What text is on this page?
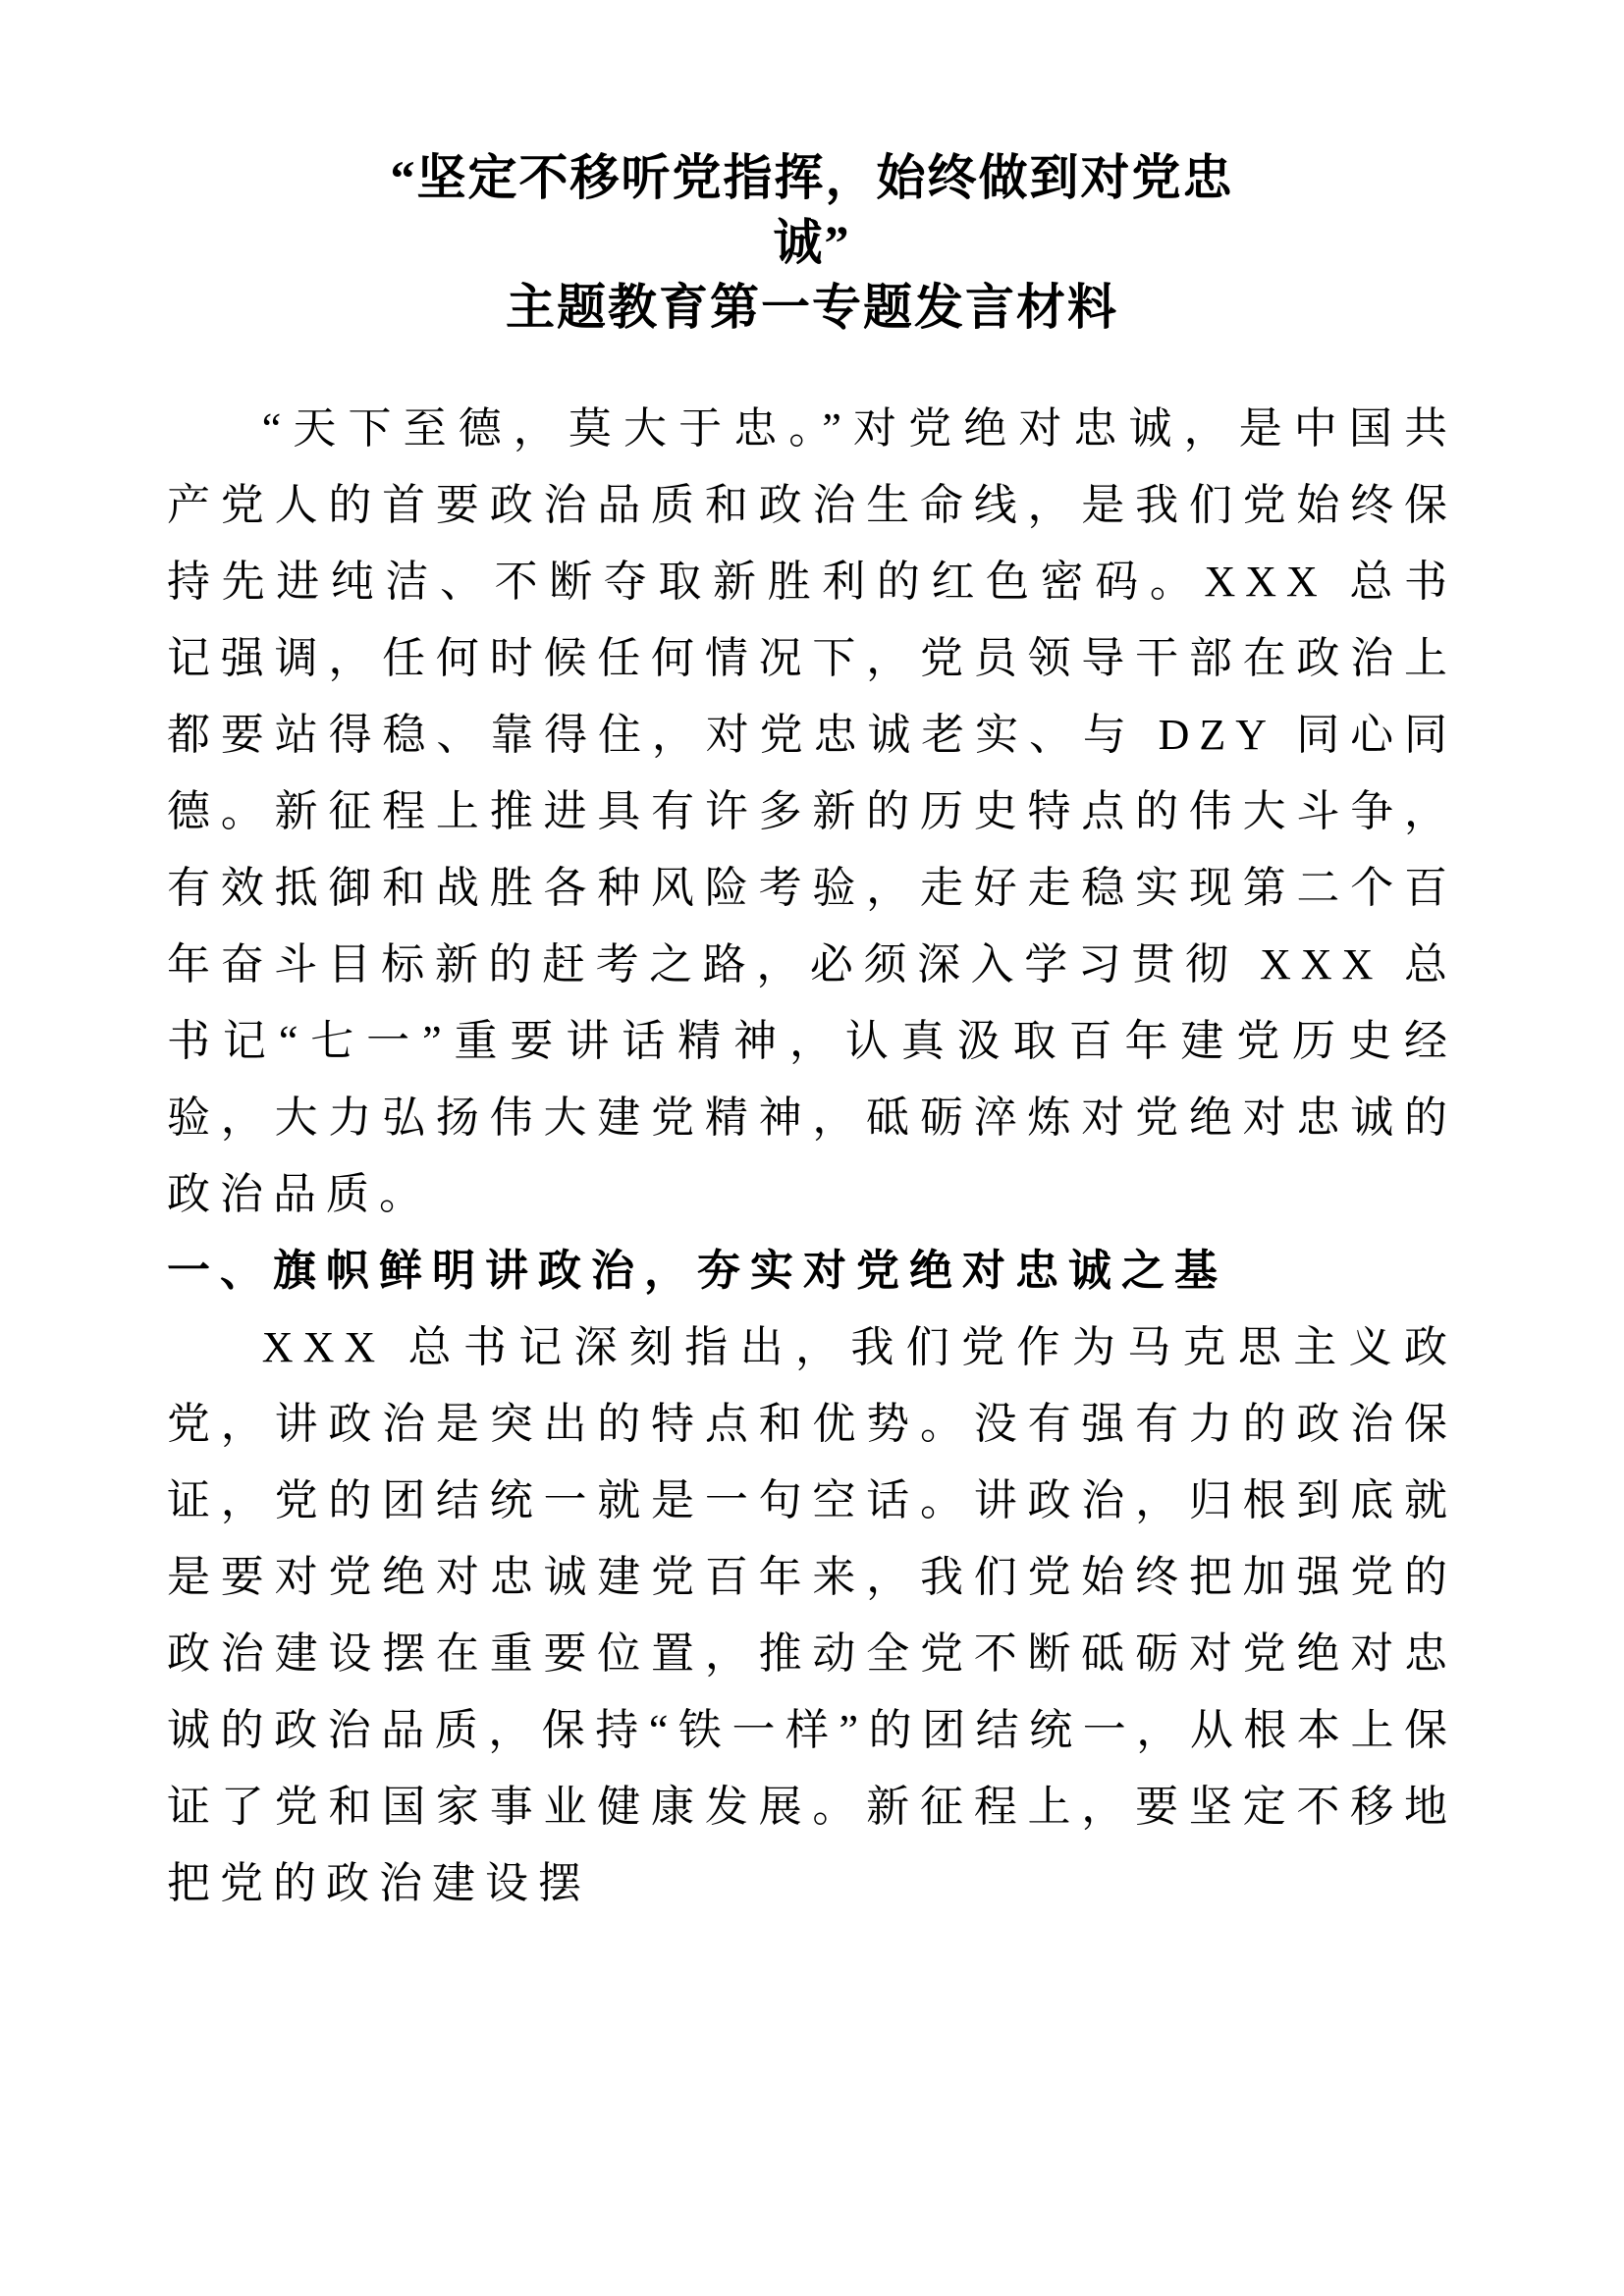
“坚定不移听党指挥，始终做到对党忠诚”
主题教育第一专题发言材料

“天下至德，莫大于忠。”对党绝对忠诚，是中国共产党人的首要政治品质和政治生命线，是我们党始终保持先进纯洁、不断夺取新胜利的红色密码。XXX 总书记强调，任何时候任何情况下，党员领导干部在政治上都要站得稳、靠得住，对党忠诚老实、与 DZY 同心同德。新征程上推进具有许多新的历史特点的伟大斗争，有效抵御和战胜各种风险考验，走好走稳实现第二个百年奋斗目标新的赶考之路，必须深入学习贯彻 XXX 总书记“七一”重要讲话精神，认真汲取百年建党历史经验，大力弘扬伟大建党精神，砥砺淬炼对党绝对忠诚的政治品质。

一、旗帜鲜明讲政治，夯实对党绝对忠诚之基

XXX 总书记深刻指出，我们党作为马克思主义政党，讲政治是突出的特点和优势。没有强有力的政治保证，党的团结统一就是一句空话。讲政治，归根到底就是要对党绝对忠诚建党百年来，我们党始终把加强党的政治建设摆在重要位置，推动全党不断砥砺对党绝对忠诚的政治品质，保持“铁一样”的团结统一，从根本上保证了党和国家事业健康发展。新征程上，要坚定不移地把党的政治建设摆
